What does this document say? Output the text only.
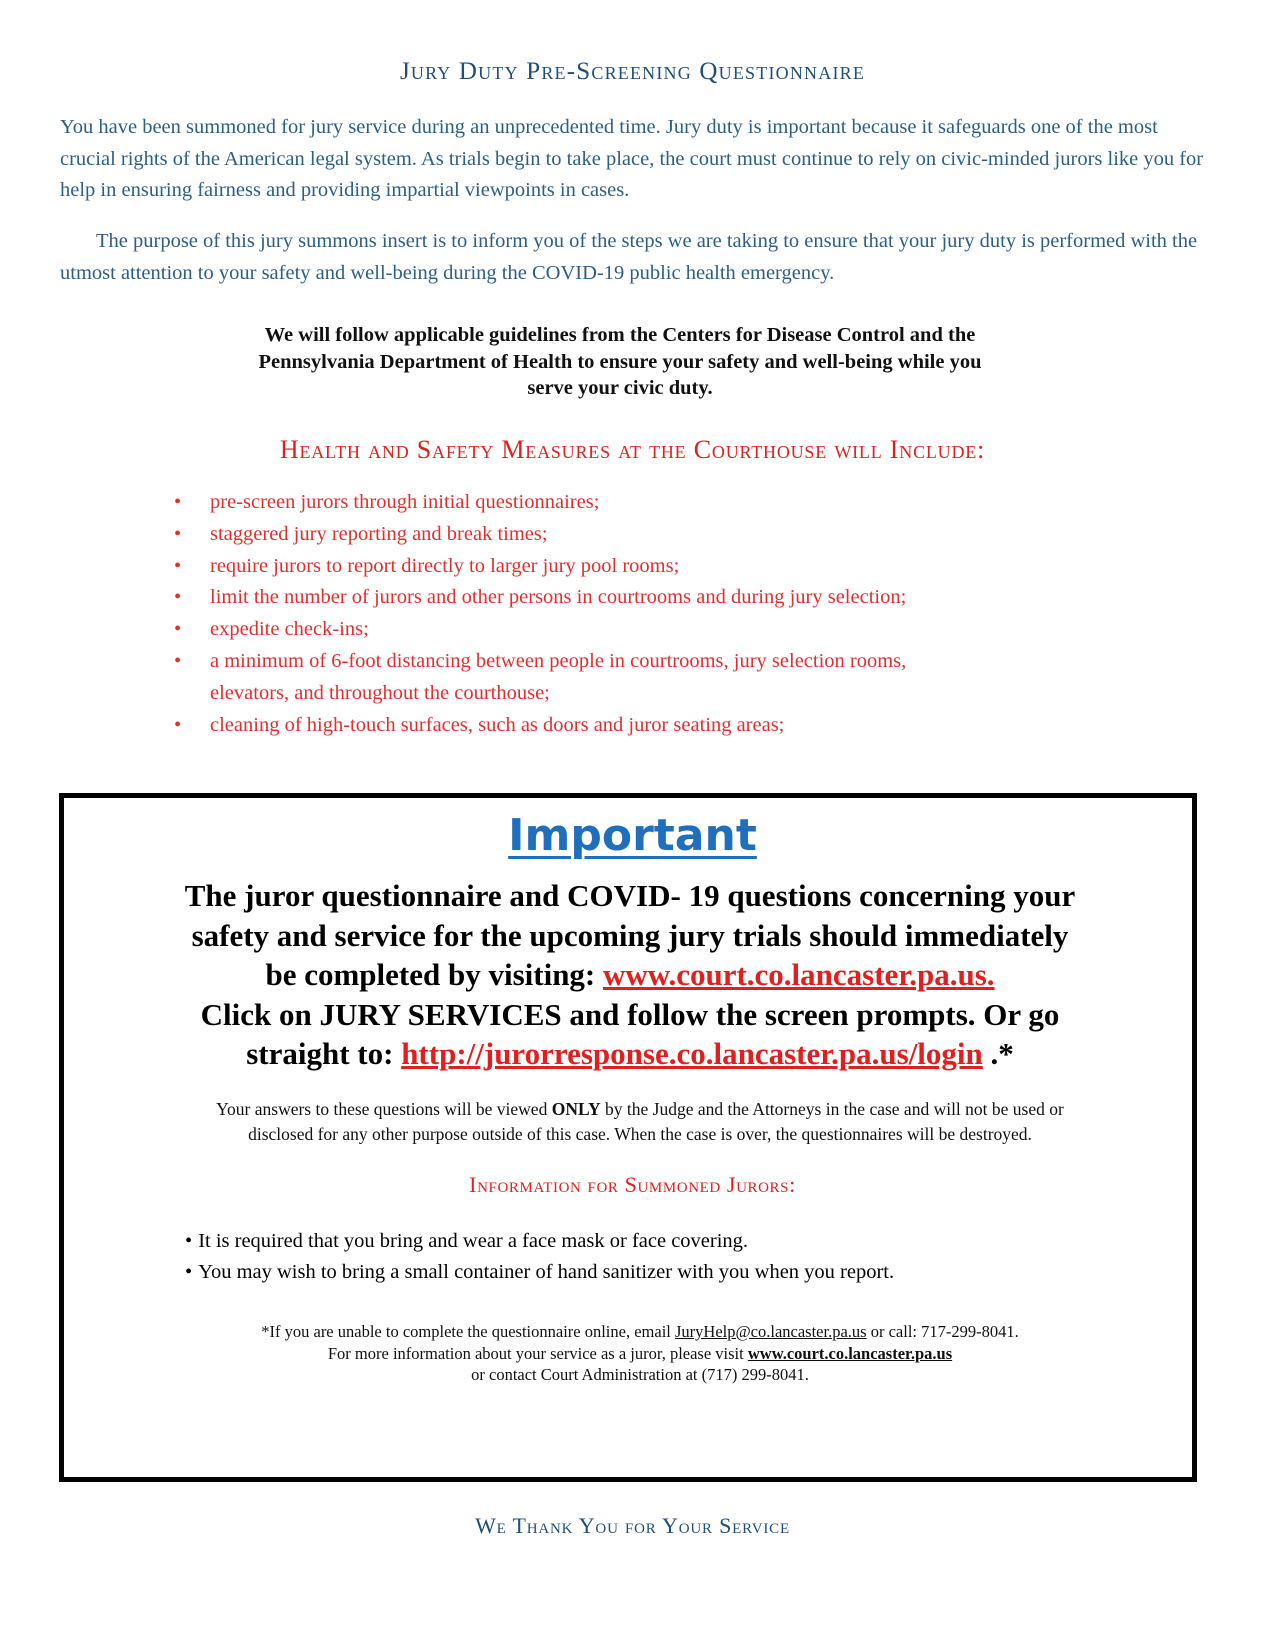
Jury Duty Pre-Screening Questionnaire

You have been summoned for jury service during an unprecedented time. Jury duty is important because it safeguards one of the most crucial rights of the American legal system. As trials begin to take place, the court must continue to rely on civic-minded jurors like you for help in ensuring fairness and providing impartial viewpoints in cases.

The purpose of this jury summons insert is to inform you of the steps we are taking to ensure that your jury duty is performed with the utmost attention to your safety and well-being during the COVID-19 public health emergency.

We will follow applicable guidelines from the Centers for Disease Control and the
Pennsylvania Department of Health to ensure your safety and well-being while you
serve your civic duty.

Health and Safety Measures at the Courthouse will Include:
• pre-screen jurors through initial questionnaires;
• staggered jury reporting and break times;
• require jurors to report directly to larger jury pool rooms;
• limit the number of jurors and other persons in courtrooms and during jury selection;
• expedite check-ins;
• a minimum of 6-foot distancing between people in courtrooms, jury selection rooms,
elevators, and throughout the courthouse;
• cleaning of high-touch surfaces, such as doors and juror seating areas;
Important

The juror questionnaire and COVID- 19 questions concerning your
safety and service for the upcoming jury trials should immediately
be completed by visiting: www.court.co.lancaster.pa.us.
Click on JURY SERVICES and follow the screen prompts. Or go
straight to: http://jurorresponse.co.lancaster.pa.us/login .*

Your answers to these questions will be viewed ONLY by the Judge and the Attorneys in the case and will not be used or
disclosed for any other purpose outside of this case. When the case is over, the questionnaires will be destroyed.

Information for Summoned Jurors:
• It is required that you bring and wear a face mask or face covering.
• You may wish to bring a small container of hand sanitizer with you when you report.

*If you are unable to complete the questionnaire online, email JuryHelp@co.lancaster.pa.us or call: 717-299-8041.
For more information about your service as a juror, please visit www.court.co.lancaster.pa.us
or contact Court Administration at (717) 299-8041.

We Thank You for Your Service
